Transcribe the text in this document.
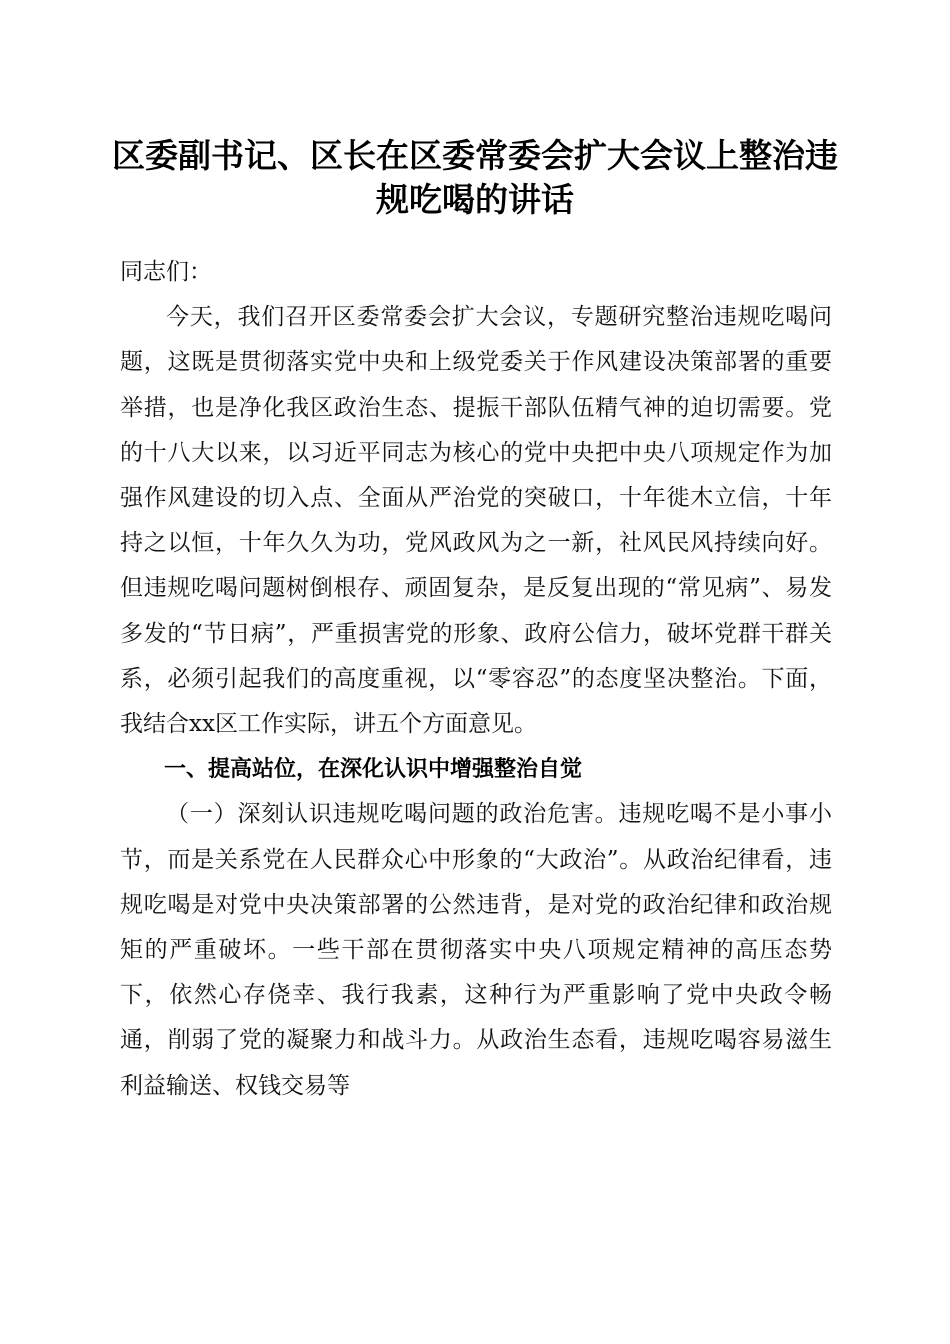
区委副书记、区长在区委常委会扩大会议上整治违规吃喝的讲话

同志们：

今天，我们召开区委常委会扩大会议，专题研究整治违规吃喝问题，这既是贯彻落实党中央和上级党委关于作风建设决策部署的重要举措，也是净化我区政治生态、提振干部队伍精气神的迫切需要。党的十八大以来，以习近平同志为核心的党中央把中央八项规定作为加强作风建设的切入点、全面从严治党的突破口，十年徙木立信，十年持之以恒，十年久久为功，党风政风为之一新，社风民风持续向好。但违规吃喝问题树倒根存、顽固复杂，是反复出现的“常见病”、易发多发的“节日病”，严重损害党的形象、政府公信力，破坏党群干群关系，必须引起我们的高度重视，以“零容忍”的态度坚决整治。下面，我结合xx区工作实际，讲五个方面意见。

一、提高站位，在深化认识中增强整治自觉

（一）深刻认识违规吃喝问题的政治危害。违规吃喝不是小事小节，而是关系党在人民群众心中形象的“大政治”。从政治纪律看，违规吃喝是对党中央决策部署的公然违背，是对党的政治纪律和政治规矩的严重破坏。一些干部在贯彻落实中央八项规定精神的高压态势下，依然心存侥幸、我行我素，这种行为严重影响了党中央政令畅通，削弱了党的凝聚力和战斗力。从政治生态看，违规吃喝容易滋生利益输送、权钱交易等
